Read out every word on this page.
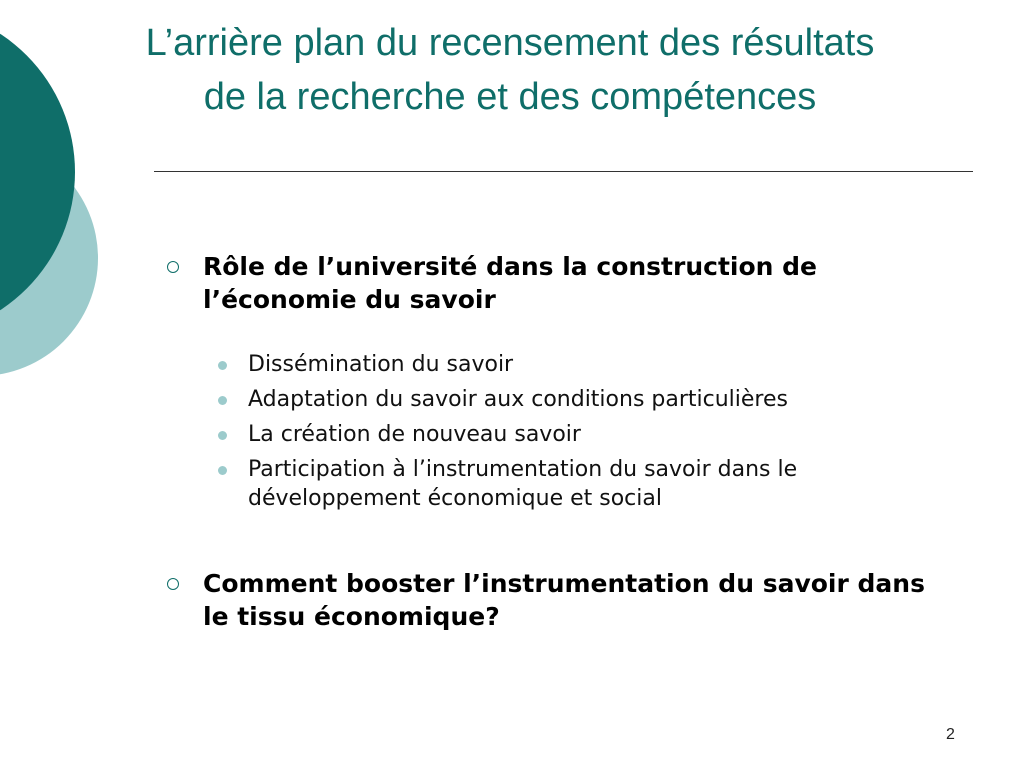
L’arrière plan du recensement des résultats
de la recherche et des compétences
Rôle de l’université dans la construction de l’économie du savoir
Dissémination du savoir
Adaptation du savoir aux conditions particulières
La création de nouveau savoir
Participation à l’instrumentation du savoir dans le développement économique et social
Comment booster l’instrumentation du savoir dans le tissu économique?
2
